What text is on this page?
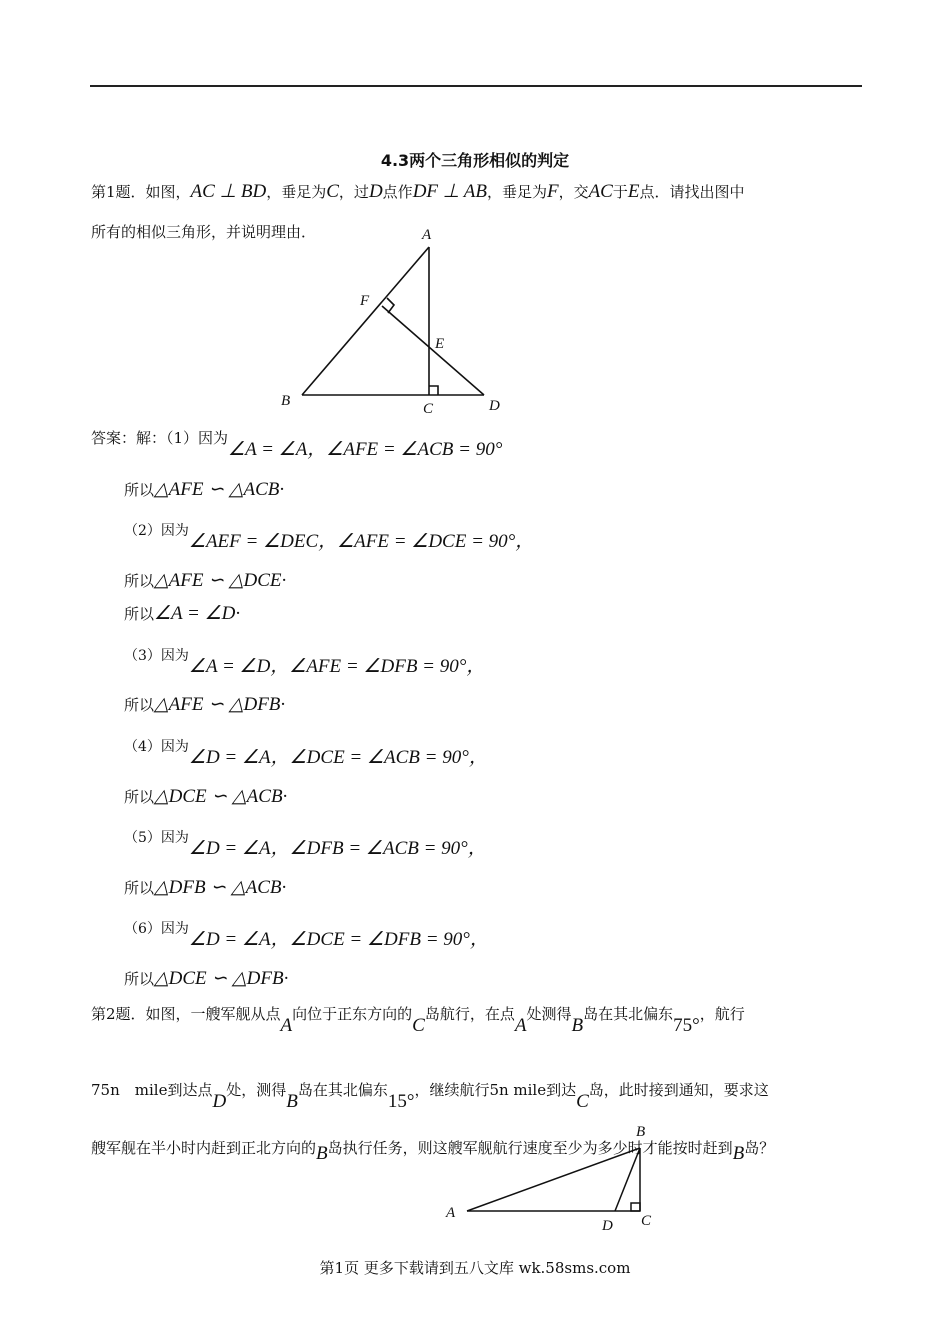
4.3两个三角形相似的判定
第1题．如图，AC ⊥ BD，垂足为C，过D点作DF ⊥ AB，垂足为F，交AC于E点．请找出图中
所有的相似三角形，并说明理由．	A
F
E
B	C	D
答案：解：（1）因为∠A = ∠A，∠AFE = ∠ACB = 90°
所以△AFE ∽ △ACB·
（2）因为∠AEF = ∠DEC，∠AFE = ∠DCE = 90°，
所以△AFE ∽ △DCE·
所以∠A = ∠D·
（3）因为∠A = ∠D，∠AFE = ∠DFB = 90°，
所以△AFE ∽ △DFB·
（4）因为∠D = ∠A，∠DCE = ∠ACB = 90°，
所以△DCE ∽ △ACB·
（5）因为∠D = ∠A，∠DFB = ∠ACB = 90°，
所以△DFB ∽ △ACB·
（6）因为∠D = ∠A，∠DCE = ∠DFB = 90°，
所以△DCE ∽ △DFB·
第2题．如图，一艘军舰从点A向位于正东方向的C岛航行，在点A处测得B岛在其北偏东75°，航行
75n　mile到达点D处，测得B岛在其北偏东15°，继续航行5n mile到达C岛，此时接到通知，要求这
艘军舰在半小时内赶到正北方向的B岛执行任务，则这艘军舰航行速度至少为多少时才能按时赶到B岛？
B
A
D C
第1页 更多下载请到五八文库 wk.58sms.com
